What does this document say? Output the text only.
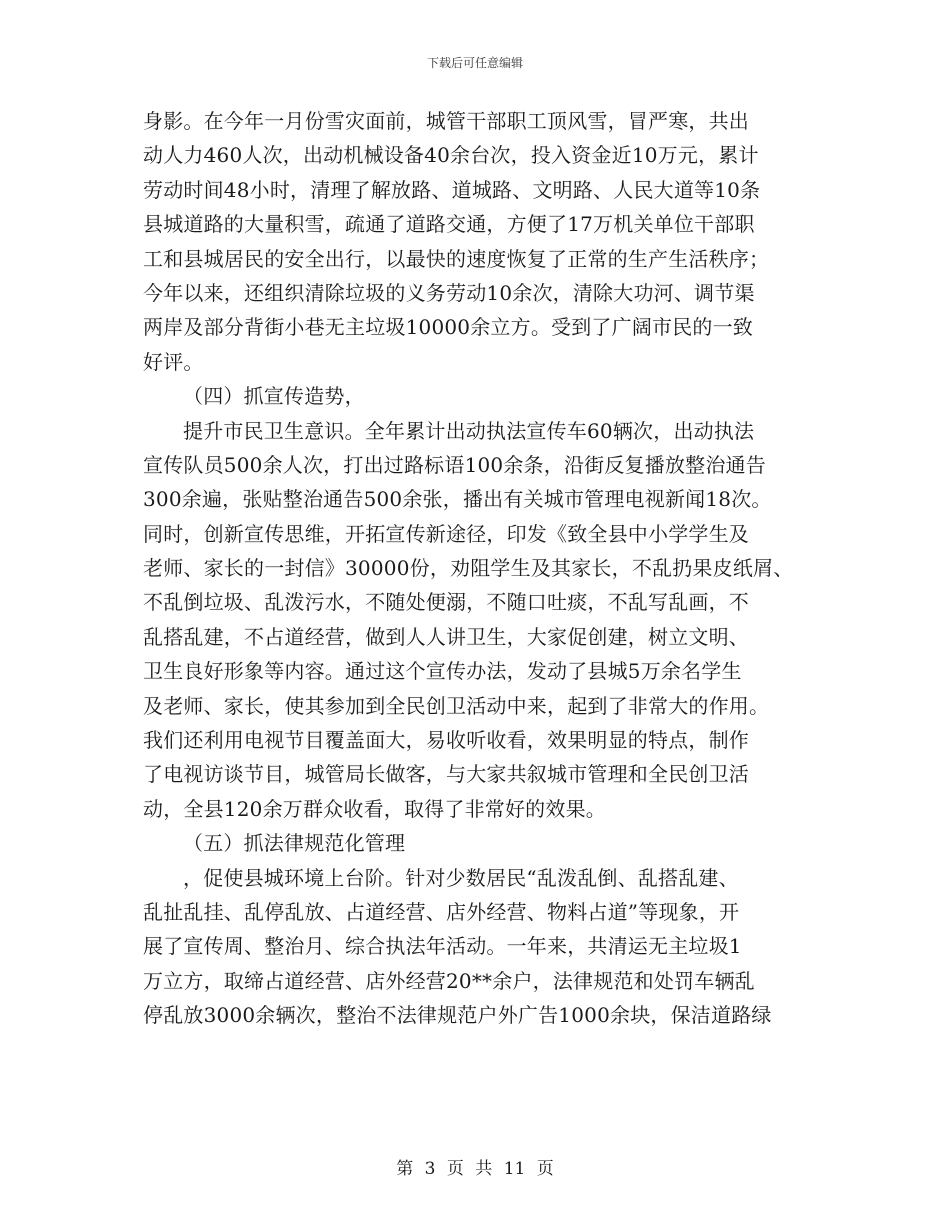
下载后可任意编辑
身影。在今年一月份雪灾面前，城管干部职工顶风雪，冒严寒，共出
动人力460人次，出动机械设备40余台次，投入资金近10万元，累计
劳动时间48小时，清理了解放路、道城路、文明路、人民大道等10条
县城道路的大量积雪，疏通了道路交通，方便了17万机关单位干部职
工和县城居民的安全出行，以最快的速度恢复了正常的生产生活秩序；
今年以来，还组织清除垃圾的义务劳动10余次，清除大功河、调节渠
两岸及部分背街小巷无主垃圾10000余立方。受到了广阔市民的一致
好评。
（四）抓宣传造势，
提升市民卫生意识。全年累计出动执法宣传车60辆次，出动执法
宣传队员500余人次，打出过路标语100余条，沿街反复播放整治通告
300余遍，张贴整治通告500余张，播出有关城市管理电视新闻18次。
同时，创新宣传思维，开拓宣传新途径，印发《致全县中小学学生及
老师、家长的一封信》30000份，劝阻学生及其家长，不乱扔果皮纸屑、
不乱倒垃圾、乱泼污水，不随处便溺，不随口吐痰，不乱写乱画，不
乱搭乱建，不占道经营，做到人人讲卫生，大家促创建，树立文明、
卫生良好形象等内容。通过这个宣传办法，发动了县城5万余名学生
及老师、家长，使其参加到全民创卫活动中来，起到了非常大的作用。
我们还利用电视节目覆盖面大，易收听收看，效果明显的特点，制作
了电视访谈节目，城管局长做客，与大家共叙城市管理和全民创卫活
动，全县120余万群众收看，取得了非常好的效果。
（五）抓法律规范化管理
，促使县城环境上台阶。针对少数居民“乱泼乱倒、乱搭乱建、
乱扯乱挂、乱停乱放、占道经营、店外经营、物料占道”等现象，开
展了宣传周、整治月、综合执法年活动。一年来，共清运无主垃圾1
万立方，取缔占道经营、店外经营20**余户，法律规范和处罚车辆乱
停乱放3000余辆次，整治不法律规范户外广告1000余块，保洁道路绿
第 3 页 共 11 页
